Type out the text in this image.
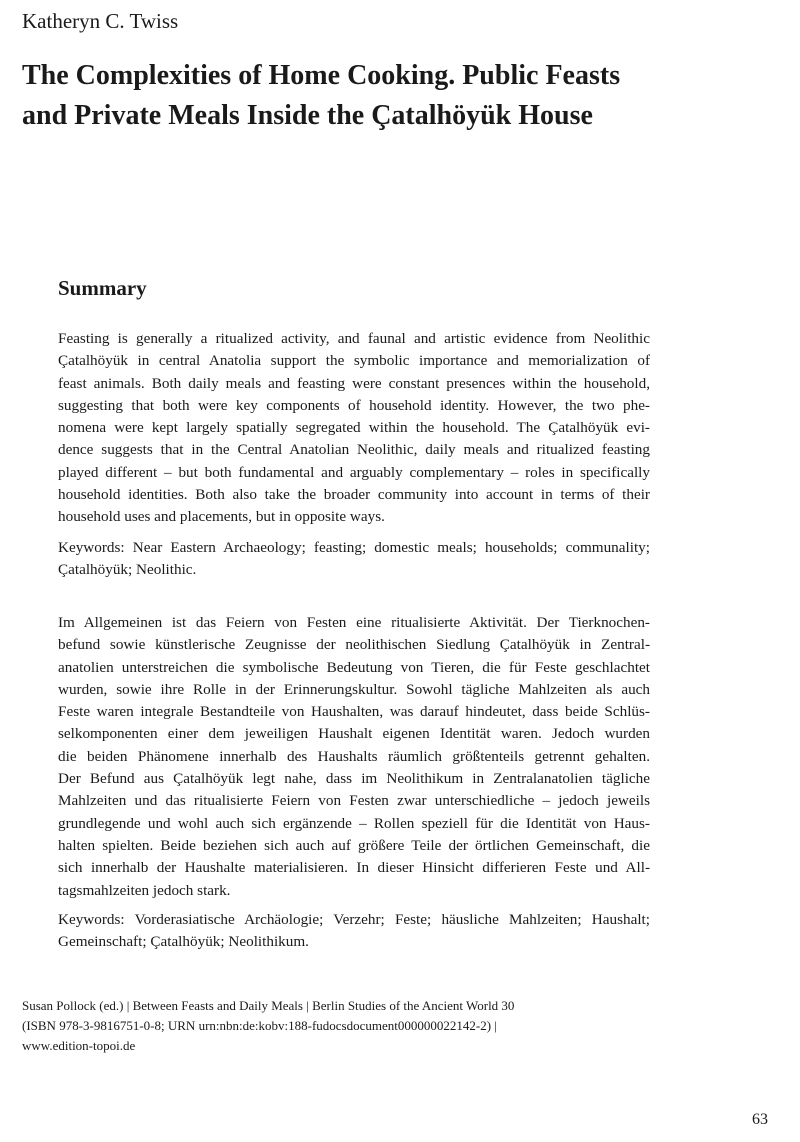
Katheryn C. Twiss
The Complexities of Home Cooking. Public Feasts
and Private Meals Inside the Çatalhöyük House
Summary
Feasting is generally a ritualized activity, and faunal and artistic evidence from Neolithic
Çatalhöyük in central Anatolia support the symbolic importance and memorialization of
feast animals. Both daily meals and feasting were constant presences within the household,
suggesting that both were key components of household identity. However, the two phe-
nomena were kept largely spatially segregated within the household. The Çatalhöyük evi-
dence suggests that in the Central Anatolian Neolithic, daily meals and ritualized feasting
played different – but both fundamental and arguably complementary – roles in specifically
household identities. Both also take the broader community into account in terms of their
household uses and placements, but in opposite ways.
Keywords: Near Eastern Archaeology; feasting; domestic meals; households; communality;
Çatalhöyük; Neolithic.
Im Allgemeinen ist das Feiern von Festen eine ritualisierte Aktivität. Der Tierknochen-
befund sowie künstlerische Zeugnisse der neolithischen Siedlung Çatalhöyük in Zentral-
anatolien unterstreichen die symbolische Bedeutung von Tieren, die für Feste geschlachtet
wurden, sowie ihre Rolle in der Erinnerungskultur. Sowohl tägliche Mahlzeiten als auch
Feste waren integrale Bestandteile von Haushalten, was darauf hindeutet, dass beide Schlüs-
selkomponenten einer dem jeweiligen Haushalt eigenen Identität waren. Jedoch wurden
die beiden Phänomene innerhalb des Haushalts räumlich größtenteils getrennt gehalten.
Der Befund aus Çatalhöyük legt nahe, dass im Neolithikum in Zentralanatolien tägliche
Mahlzeiten und das ritualisierte Feiern von Festen zwar unterschiedliche – jedoch jeweils
grundlegende und wohl auch sich ergänzende – Rollen speziell für die Identität von Haus-
halten spielten. Beide beziehen sich auch auf größere Teile der örtlichen Gemeinschaft, die
sich innerhalb der Haushalte materialisieren. In dieser Hinsicht differieren Feste und All-
tagsmahlzeiten jedoch stark.
Keywords: Vorderasiatische Archäologie; Verzehr; Feste; häusliche Mahlzeiten; Haushalt;
Gemeinschaft; Çatalhöyük; Neolithikum.
Susan Pollock (ed.) | Between Feasts and Daily Meals | Berlin Studies of the Ancient World 30
(ISBN 978-3-9816751-0-8; URN urn:nbn:de:kobv:188-fudocsdocument000000022142-2) |
www.edition-topoi.de
63
